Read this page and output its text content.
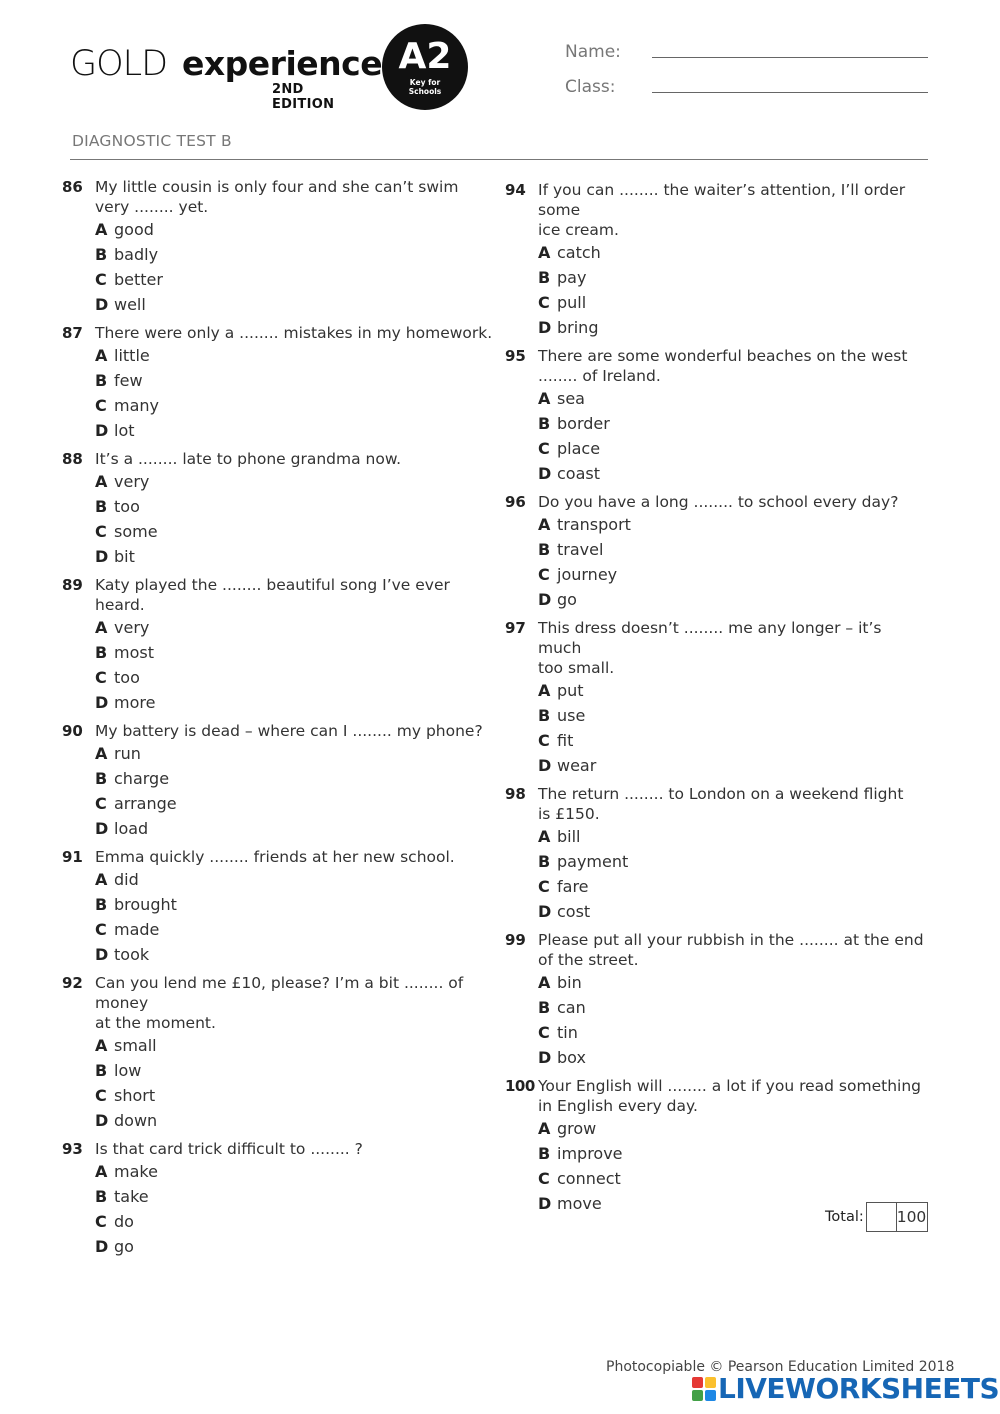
GOLD experience
2ND EDITION
A2
Key for
Schools
Name:
Class:
DIAGNOSTIC TEST B
86 My little cousin is only four and she can’t swim
very ........ yet.
A good
B badly
C better
D well
87 There were only a ........ mistakes in my homework.
A little
B few
C many
D lot
88 It’s a ........ late to phone grandma now.
A very
B too
C some
D bit
89 Katy played the ........ beautiful song I’ve ever heard.
A very
B most
C too
D more
90 My battery is dead – where can I ........ my phone?
A run
B charge
C arrange
D load
91 Emma quickly ........ friends at her new school.
A did
B brought
C made
D took
92 Can you lend me £10, please? I’m a bit ........ of money
at the moment.
A small
B low
C short
D down
93 Is that card trick difficult to ........ ?
A make
B take
C do
D go
94 If you can ........ the waiter’s attention, I’ll order some
ice cream.
A catch
B pay
C pull
D bring
95 There are some wonderful beaches on the west
........ of Ireland.
A sea
B border
C place
D coast
96 Do you have a long ........ to school every day?
A transport
B travel
C journey
D go
97 This dress doesn’t ........ me any longer – it’s much
too small.
A put
B use
C fit
D wear
98 The return ........ to London on a weekend flight
is £150.
A bill
B payment
C fare
D cost
99 Please put all your rubbish in the ........ at the end
of the street.
A bin
B can
C tin
D box
100 Your English will ........ a lot if you read something
in English every day.
A grow
B improve
C connect
D move
Total: 100
Photocopiable © Pearson Education Limited 2018
LIVEWORKSHEETS
